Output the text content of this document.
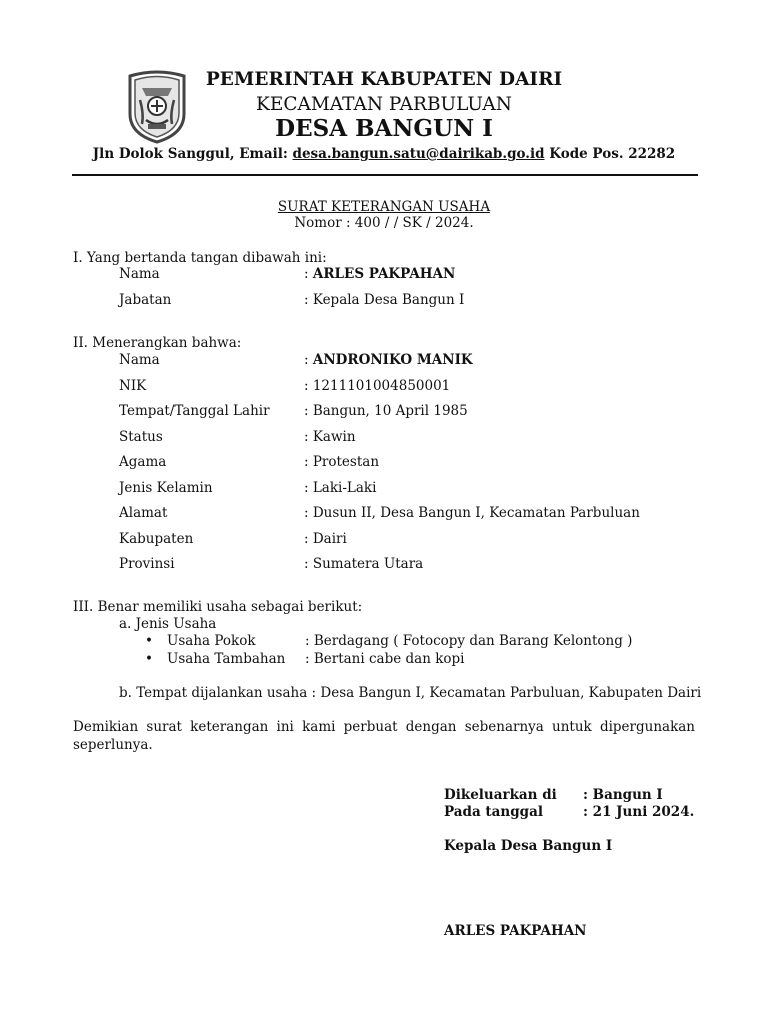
PEMERINTAH KABUPATEN DAIRI
KECAMATAN PARBULUAN
DESA BANGUN I
Jln Dolok Sanggul, Email: desa.bangun.satu@dairikab.go.id Kode Pos. 22282
SURAT KETERANGAN USAHA
Nomor : 400 / / SK / 2024.
I. Yang bertanda tangan dibawah ini:
Nama	: ARLES PAKPAHAN
Jabatan	: Kepala Desa Bangun I
II. Menerangkan bahwa:
Nama	: ANDRONIKO MANIK
NIK	: 1211101004850001
Tempat/Tanggal Lahir	: Bangun, 10 April 1985
Status	: Kawin
Agama	: Protestan
Jenis Kelamin	: Laki-Laki
Alamat	: Dusun II, Desa Bangun I, Kecamatan Parbuluan
Kabupaten	: Dairi
Provinsi	: Sumatera Utara
III. Benar memiliki usaha sebagai berikut:
a. Jenis Usaha
• Usaha Pokok	: Berdagang ( Fotocopy dan Barang Kelontong )
• Usaha Tambahan : Bertani cabe dan kopi
b. Tempat dijalankan usaha : Desa Bangun I, Kecamatan Parbuluan, Kabupaten Dairi
Demikian surat keterangan ini kami perbuat dengan sebenarnya untuk dipergunakan seperlunya.
Dikeluarkan di : Bangun I
Pada tanggal	: 21 Juni 2024.
Kepala Desa Bangun I
ARLES PAKPAHAN
